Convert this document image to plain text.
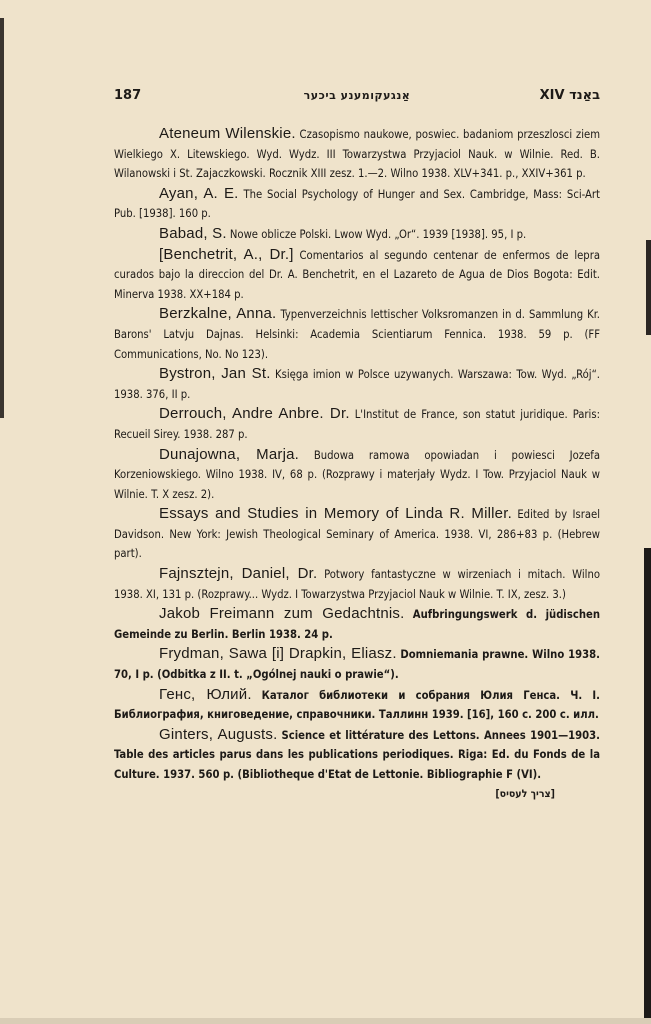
187	אַנגעקומענע ביכער	באַנד XIV

Ateneum Wilenskie. Czasopismo naukowe, poswiec. badaniom przeszlosci ziem Wielkiego X. Litewskiego. Wyd. Wydz. III Towarzystwa Przyjaciol Nauk. w Wilnie. Red. B. Wilanowski i St. Zajaczkowski. Rocznik XIII zesz. 1.—2. Wilno 1938. XLV+341. p., XXIV+361 p.

Ayan, A. E. The Social Psychology of Hunger and Sex. Cambridge, Mass: Sci-Art Pub. [1938]. 160 p.

Babad, S. Nowe oblicze Polski. Lwow Wyd. „Or“. 1939 [1938]. 95, I p.

[Benchetrit, A., Dr.] Comentarios al segundo centenar de enfermos de lepra curados bajo la direccion del Dr. A. Benchetrit, en el Lazareto de Agua de Dios Bogota: Edit. Minerva 1938. XX+184 p.

Berzkalne, Anna. Typenverzeichnis lettischer Volksromanzen in d. Sammlung Kr. Barons' Latvju Dajnas. Helsinki: Academia Scientiarum Fennica. 1938. 59 p. (FF Communications, No. No 123).

Bystron, Jan St. Księga imion w Polsce uzywanych. Warszawa: Tow. Wyd. „Rój“. 1938. 376, II p.

Derrouch, Andre Anbre. Dr. L'Institut de France, son statut juridique. Paris: Recueil Sirey. 1938. 287 p.

Dunajowna, Marja. Budowa ramowa opowiadan i powiesci Jozefa Korzeniowskiego. Wilno 1938. IV, 68 p. (Rozprawy i materjały Wydz. I Tow. Przyjaciol Nauk w Wilnie. T. X zesz. 2).

Essays and Studies in Memory of Linda R. Miller. Edited by Israel Davidson. New York: Jewish Theological Seminary of America. 1938. VI, 286+83 p. (Hebrew part).

Fajnsztejn, Daniel, Dr. Potwory fantastyczne w wirzeniach i mitach. Wilno 1938. XI, 131 p. (Rozprawy... Wydz. I Towarzystwa Przyjaciol Nauk w Wilnie. T. IX, zesz. 3.)

Jakob Freimann zum Gedachtnis. Aufbringungswerk d. jüdischen Gemeinde zu Berlin. Berlin 1938. 24 p.

Frydman, Sawa [i] Drapkin, Eliasz. Domniemania prawne. Wilno 1938. 70, I p. (Odbitka z II. t. „Ogólnej nauki o prawie“).

Генс, Юлий. Каталог библиотеки и собрания Юлия Генса. Ч. I. Библиография, книговедение, справочники. Таллинн 1939. [16], 160 с. 200 с. илл.

Ginters, Augusts. Science et littérature des Lettons. Annees 1901—1903. Table des articles parus dans les publications periodiques. Riga: Ed. du Fonds de la Culture. 1937. 560 p. (Bibliotheque d'Etat de Lettonie. Bibliographie F (VI).
[צריך לעסיס]
